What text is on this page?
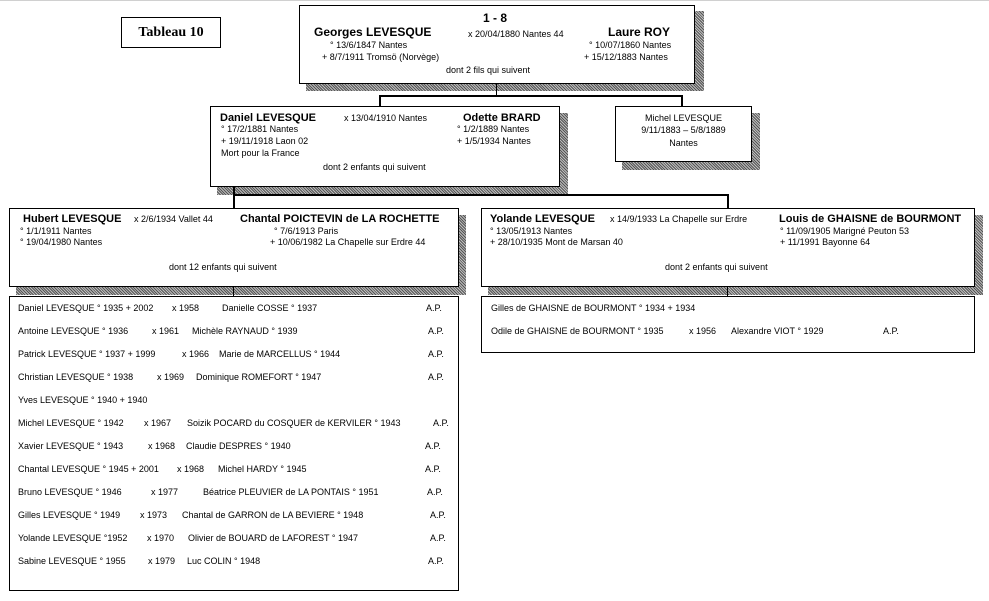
Tableau 10
1 - 8
Georges LEVESQUE	x 20/04/1880 Nantes 44	Laure ROY
° 13/6/1847 Nantes
+ 8/7/1911 Tromsö (Norvège)
° 10/07/1860 Nantes
+ 15/12/1883 Nantes
dont 2 fils qui suivent
Daniel LEVESQUE	x 13/04/1910 Nantes	Odette BRARD
° 17/2/1881 Nantes
+ 19/11/1918 Laon 02
Mort pour la France
° 1/2/1889 Nantes
+ 1/5/1934 Nantes
dont 2 enfants qui suivent
Michel LEVESQUE
9/11/1883 – 5/8/1889
Nantes
Hubert LEVESQUE x 2/6/1934 Vallet 44 Chantal POICTEVIN de LA ROCHETTE
° 1/1/1911 Nantes
° 19/04/1980 Nantes
° 7/6/1913 Paris
+ 10/06/1982 La Chapelle sur Erdre 44
dont 12 enfants qui suivent
Yolande LEVESQUE x 14/9/1933 La Chapelle sur Erdre	Louis de GHAISNE de BOURMONT
° 13/05/1913 Nantes
+ 28/10/1935 Mont de Marsan 40
° 11/09/1905 Marigné Peuton 53
+ 11/1991 Bayonne 64
dont 2 enfants qui suivent
Daniel LEVESQUE ° 1935 + 2002 x 1958	Danielle COSSE ° 1937	A.P.
Antoine LEVESQUE ° 1936	x 1961 Michèle RAYNAUD ° 1939	A.P.
Patrick LEVESQUE ° 1937 + 1999	x 1966 Marie de MARCELLUS ° 1944	A.P.
Christian LEVESQUE ° 1938	x 1969 Dominique ROMEFORT ° 1947	A.P.
Yves LEVESQUE ° 1940 + 1940
Michel LEVESQUE ° 1942 x 1967 Soizik POCARD du COSQUER de KERVILER ° 1943	A.P.
Xavier LEVESQUE ° 1943	x 1968 Claudie DESPRES ° 1940	A.P.
Chantal LEVESQUE ° 1945 + 2001 x 1968 Michel HARDY ° 1945	A.P.
Bruno LEVESQUE ° 1946	x 1977	Béatrice PLEUVIER de LA PONTAIS ° 1951	A.P.
Gilles LEVESQUE ° 1949 x 1973 Chantal de GARRON de LA BEVIERE ° 1948	A.P.
Yolande LEVESQUE °1952 x 1970 Olivier de BOUARD de LAFOREST ° 1947	A.P.
Sabine LEVESQUE ° 1955 x 1979 Luc COLIN ° 1948	A.P.
Gilles de GHAISNE de BOURMONT ° 1934 + 1934
Odile de GHAISNE de BOURMONT ° 1935	x 1956 Alexandre VIOT ° 1929	A.P.
